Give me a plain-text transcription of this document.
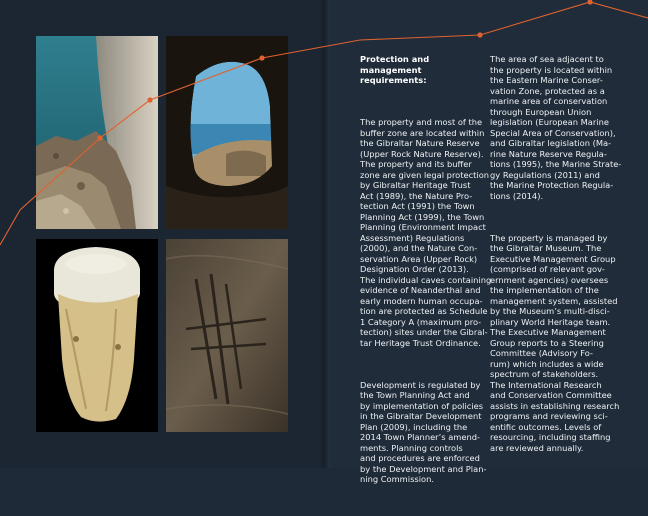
Protection and
management
requirements:

The property and most of the
buffer zone are located within
the Gibraltar Nature Reserve
(Upper Rock Nature Reserve).
The property and its buffer
zone are given legal protection
by Gibraltar Heritage Trust
Act (1989), the Nature Pro-
tection Act (1991) the Town
Planning Act (1999), the Town
Planning (Environment Impact
Assessment) Regulations
(2000), and the Nature Con-
servation Area (Upper Rock)
Designation Order (2013).
The individual caves containing
evidence of Neanderthal and
early modern human occupa-
tion are protected as Schedule
1 Category A (maximum pro-
tection) sites under the Gibral-
tar Heritage Trust Ordinance.

Development is regulated by
the Town Planning Act and
by implementation of policies
in the Gibraltar Development
Plan (2009), including the
2014 Town Planner’s amend-
ments. Planning controls
and procedures are enforced
by the Development and Plan-
ning Commission.

The area of sea adjacent to
the property is located within
the Eastern Marine Conser-
vation Zone, protected as a
marine area of conservation
through European Union
legislation (European Marine
Special Area of Conservation),
and Gibraltar legislation (Ma-
rine Nature Reserve Regula-
tions (1995), the Marine Strate-
gy Regulations (2011) and
the Marine Protection Regula-
tions (2014).

The property is managed by
the Gibraltar Museum. The
Executive Management Group
(comprised of relevant gov-
ernment agencies) oversees
the implementation of the
management system, assisted
by the Museum’s multi-disci-
plinary World Heritage team.
The Executive Management
Group reports to a Steering
Committee (Advisory Fo-
rum) which includes a wide
spectrum of stakeholders.
The International Research
and Conservation Committee
assists in establishing research
programs and reviewing sci-
entific outcomes. Levels of
resourcing, including staffing
are reviewed annually.
